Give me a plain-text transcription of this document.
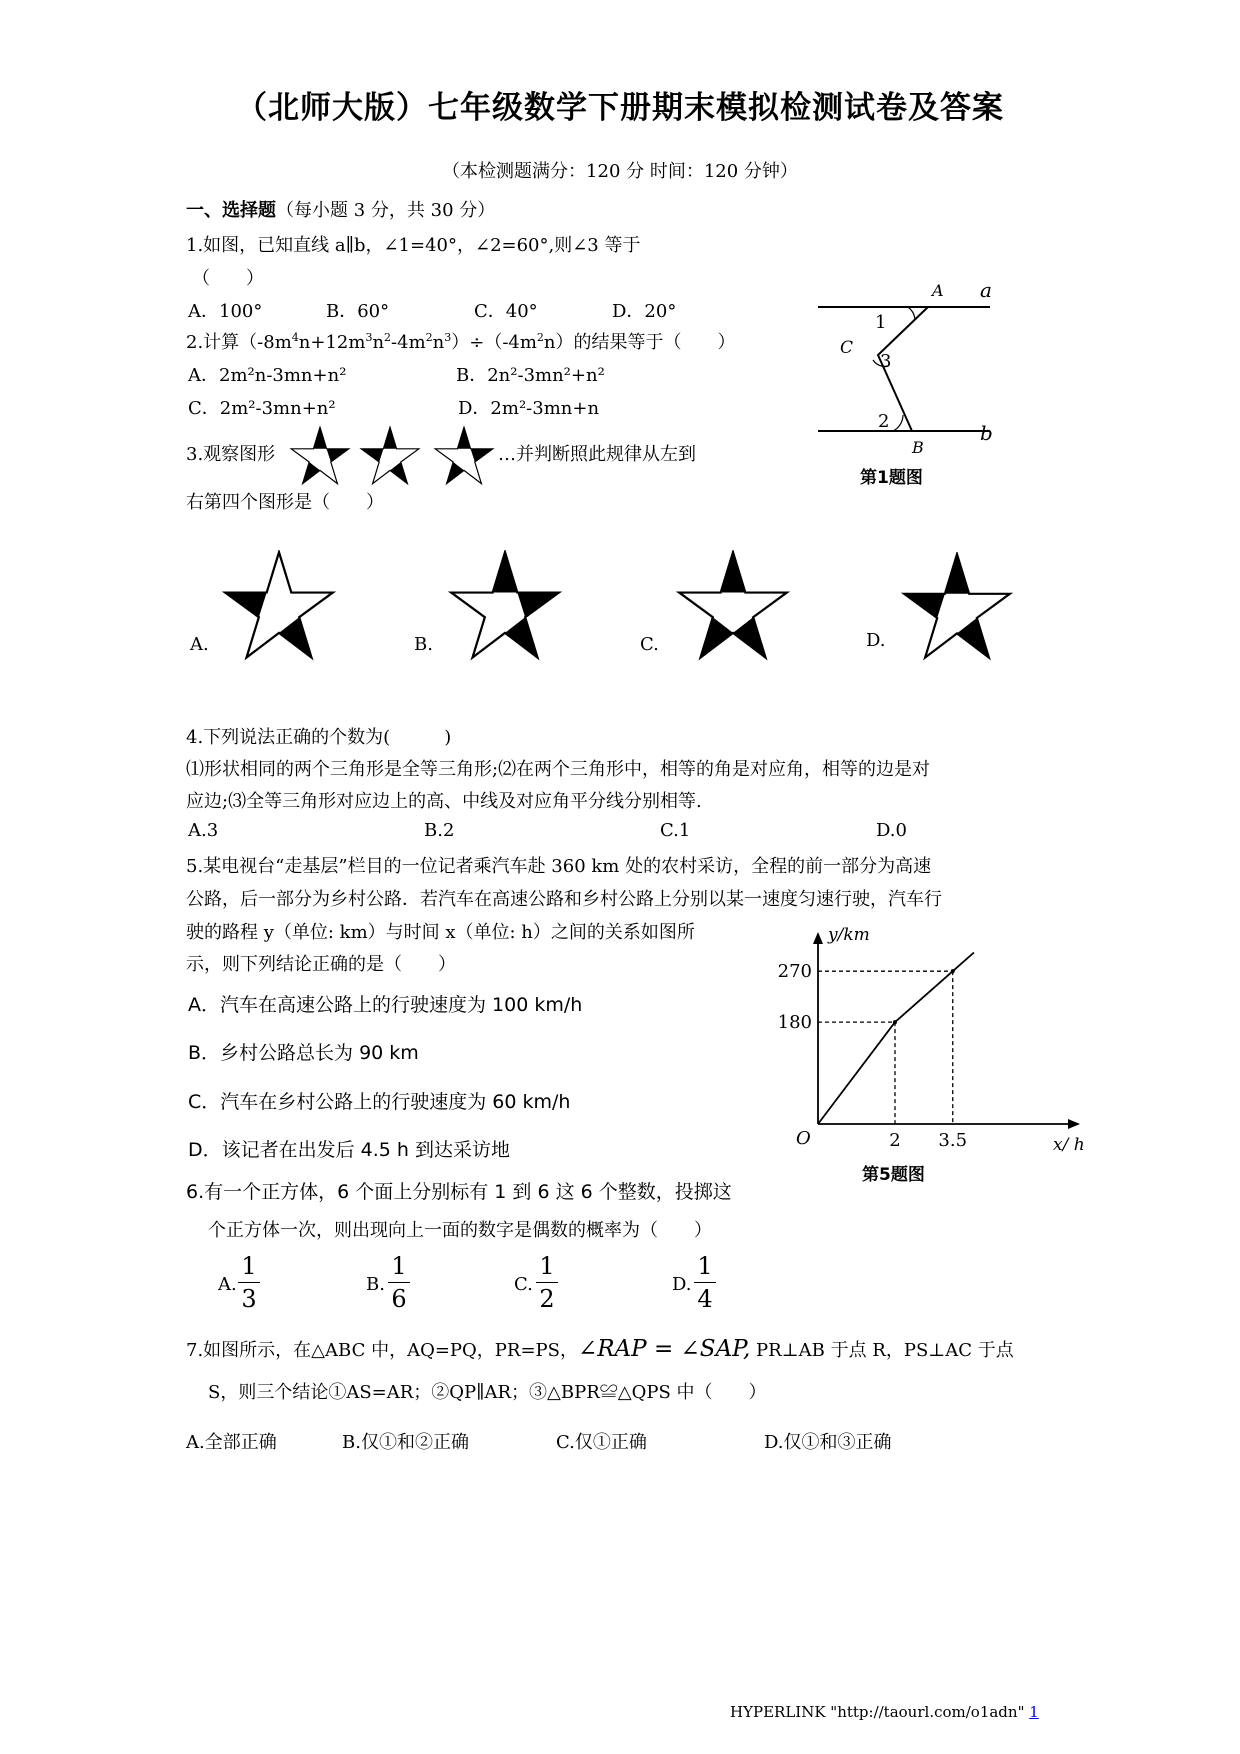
（北师大版）七年级数学下册期末模拟检测试卷及答案
（本检测题满分：120 分 时间：120 分钟）
一、选择题（每小题 3 分，共 30 分）
1.如图，已知直线 a∥b，∠1=40°，∠2=60°,则∠3 等于
（　　）
A．100°	B．60°	C．40°	D．20°
A a
1
C
3
2	b
B
第1题图
2.计算$(-8m^4n+12m^3n^2-4m^2n^3)\div(-4m^2n)$的结果等于（　　）
A．2m²n-3mn+n²	B．2n²-3mn²+n²
C．2m²-3mn+n²	D．2m²-3mn+n
3.观察图形	…并判断照此规律从左到
右第四个图形是（　　）
A.	B.	C.	D.
4.下列说法正确的个数为(　　　)
⑴形状相同的两个三角形是全等三角形;⑵在两个三角形中，相等的角是对应角，相等的边是对
应边;⑶全等三角形对应边上的高、中线及对应角平分线分别相等.
A.3	B.2	C.1	D.0
5.某电视台“走基层”栏目的一位记者乘汽车赴 360 km 处的农村采访，全程的前一部分为高速
公路，后一部分为乡村公路．若汽车在高速公路和乡村公路上分别以某一速度匀速行驶，汽车行
驶的路程 y（单位: km）与时间 x（单位: h）之间的关系如图所
示，则下列结论正确的是（　　）
A．汽车在高速公路上的行驶速度为 100 km/h
B．乡村公路总长为 90 km
C．汽车在乡村公路上的行驶速度为 60 km/h
D．该记者在出发后 4.5 h 到达采访地
y/km
x/ h
O
180
2
270
3.5
第5题图
6.有一个正方体，6 个面上分别标有 1 到 6 这 6 个整数，投掷这
个正方体一次，则出现向上一面的数字是偶数的概率为（　　）
A.
1
3
B.
1
6
C.
1
2
D.
1
4
7.如图所示，在△ABC 中，AQ=PQ，PR=PS，∠RAP = ∠SAP, PR⊥AB 于点 R，PS⊥AC 于点
S，则三个结论①AS=AR；②QP∥AR；③△BPR≌△QPS 中（　　）
A.全部正确	B.仅①和②正确	C.仅①正确	D.仅①和③正确
HYPERLINK "http://taourl.com/o1adn" 1
